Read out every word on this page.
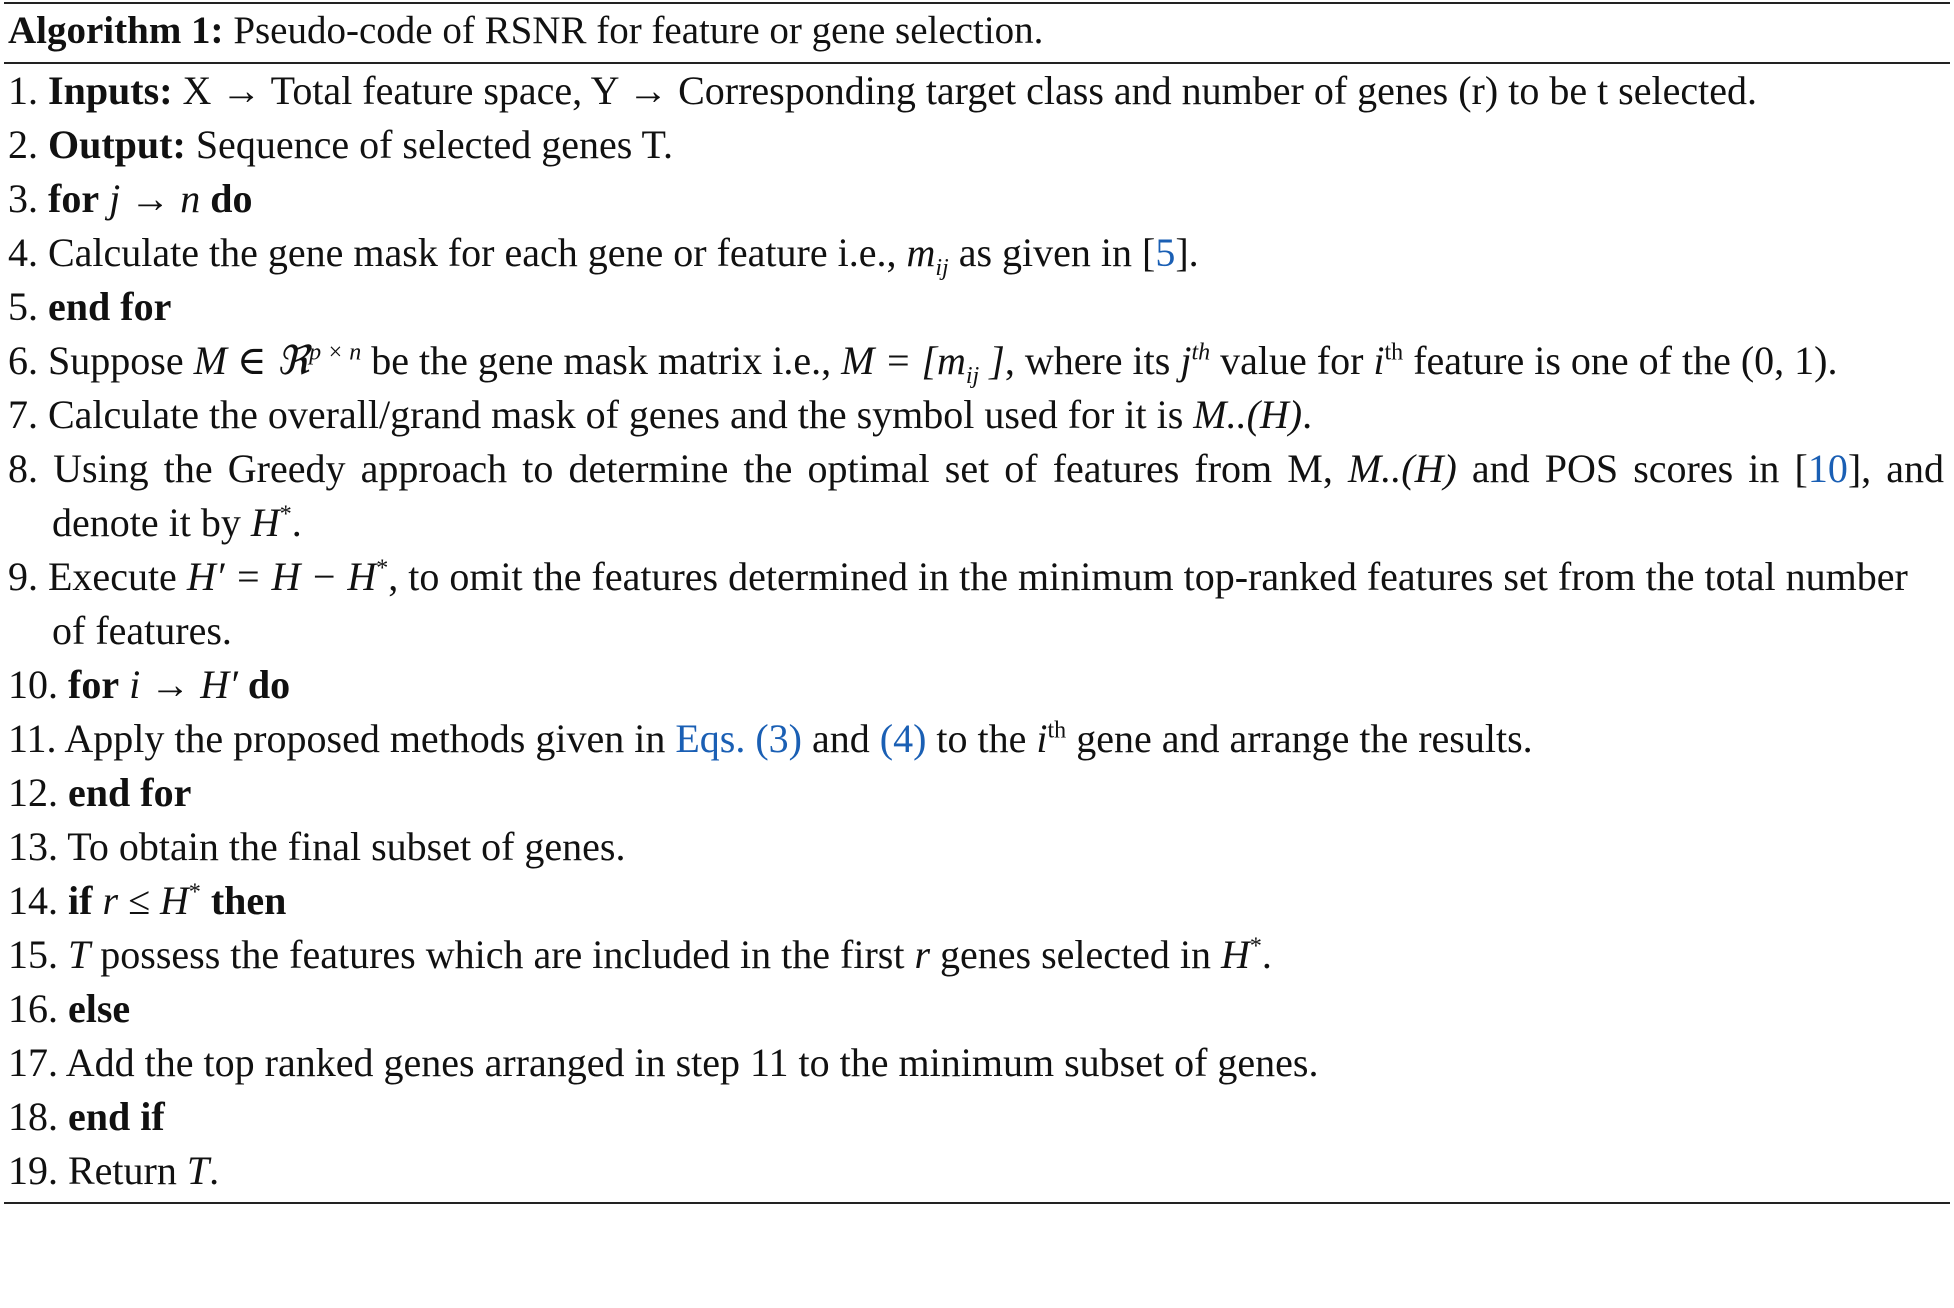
Algorithm 1: Pseudo-code of RSNR for feature or gene selection.
1. Inputs: X → Total feature space, Y → Corresponding target class and number of genes (r) to be t selected.
2. Output: Sequence of selected genes T.
3. for j → n do
4. Calculate the gene mask for each gene or feature i.e., $m_{ij}$ as given in [5].
5. end for
6. Suppose M ∈ ℜ$^{p \times n}$ be the gene mask matrix i.e., $M = [m_{ij}$ ], where its $j^{th}$ value for $i^{th}$ feature is one of the (0, 1).
7. Calculate the overall/grand mask of genes and the symbol used for it is M..(H).
8. Using the Greedy approach to determine the optimal set of features from M, M..(H) and POS scores in [10], and denote it by H*.
9. Execute H′ = H − H*, to omit the features determined in the minimum top-ranked features set from the total number of features.
10. for i → H′ do
11. Apply the proposed methods given in Eqs. (3) and (4) to the $i^{th}$ gene and arrange the results.
12. end for
13. To obtain the final subset of genes.
14. if r ≤ H* then
15. T possess the features which are included in the first r genes selected in H*.
16. else
17. Add the top ranked genes arranged in step 11 to the minimum subset of genes.
18. end if
19. Return T.
